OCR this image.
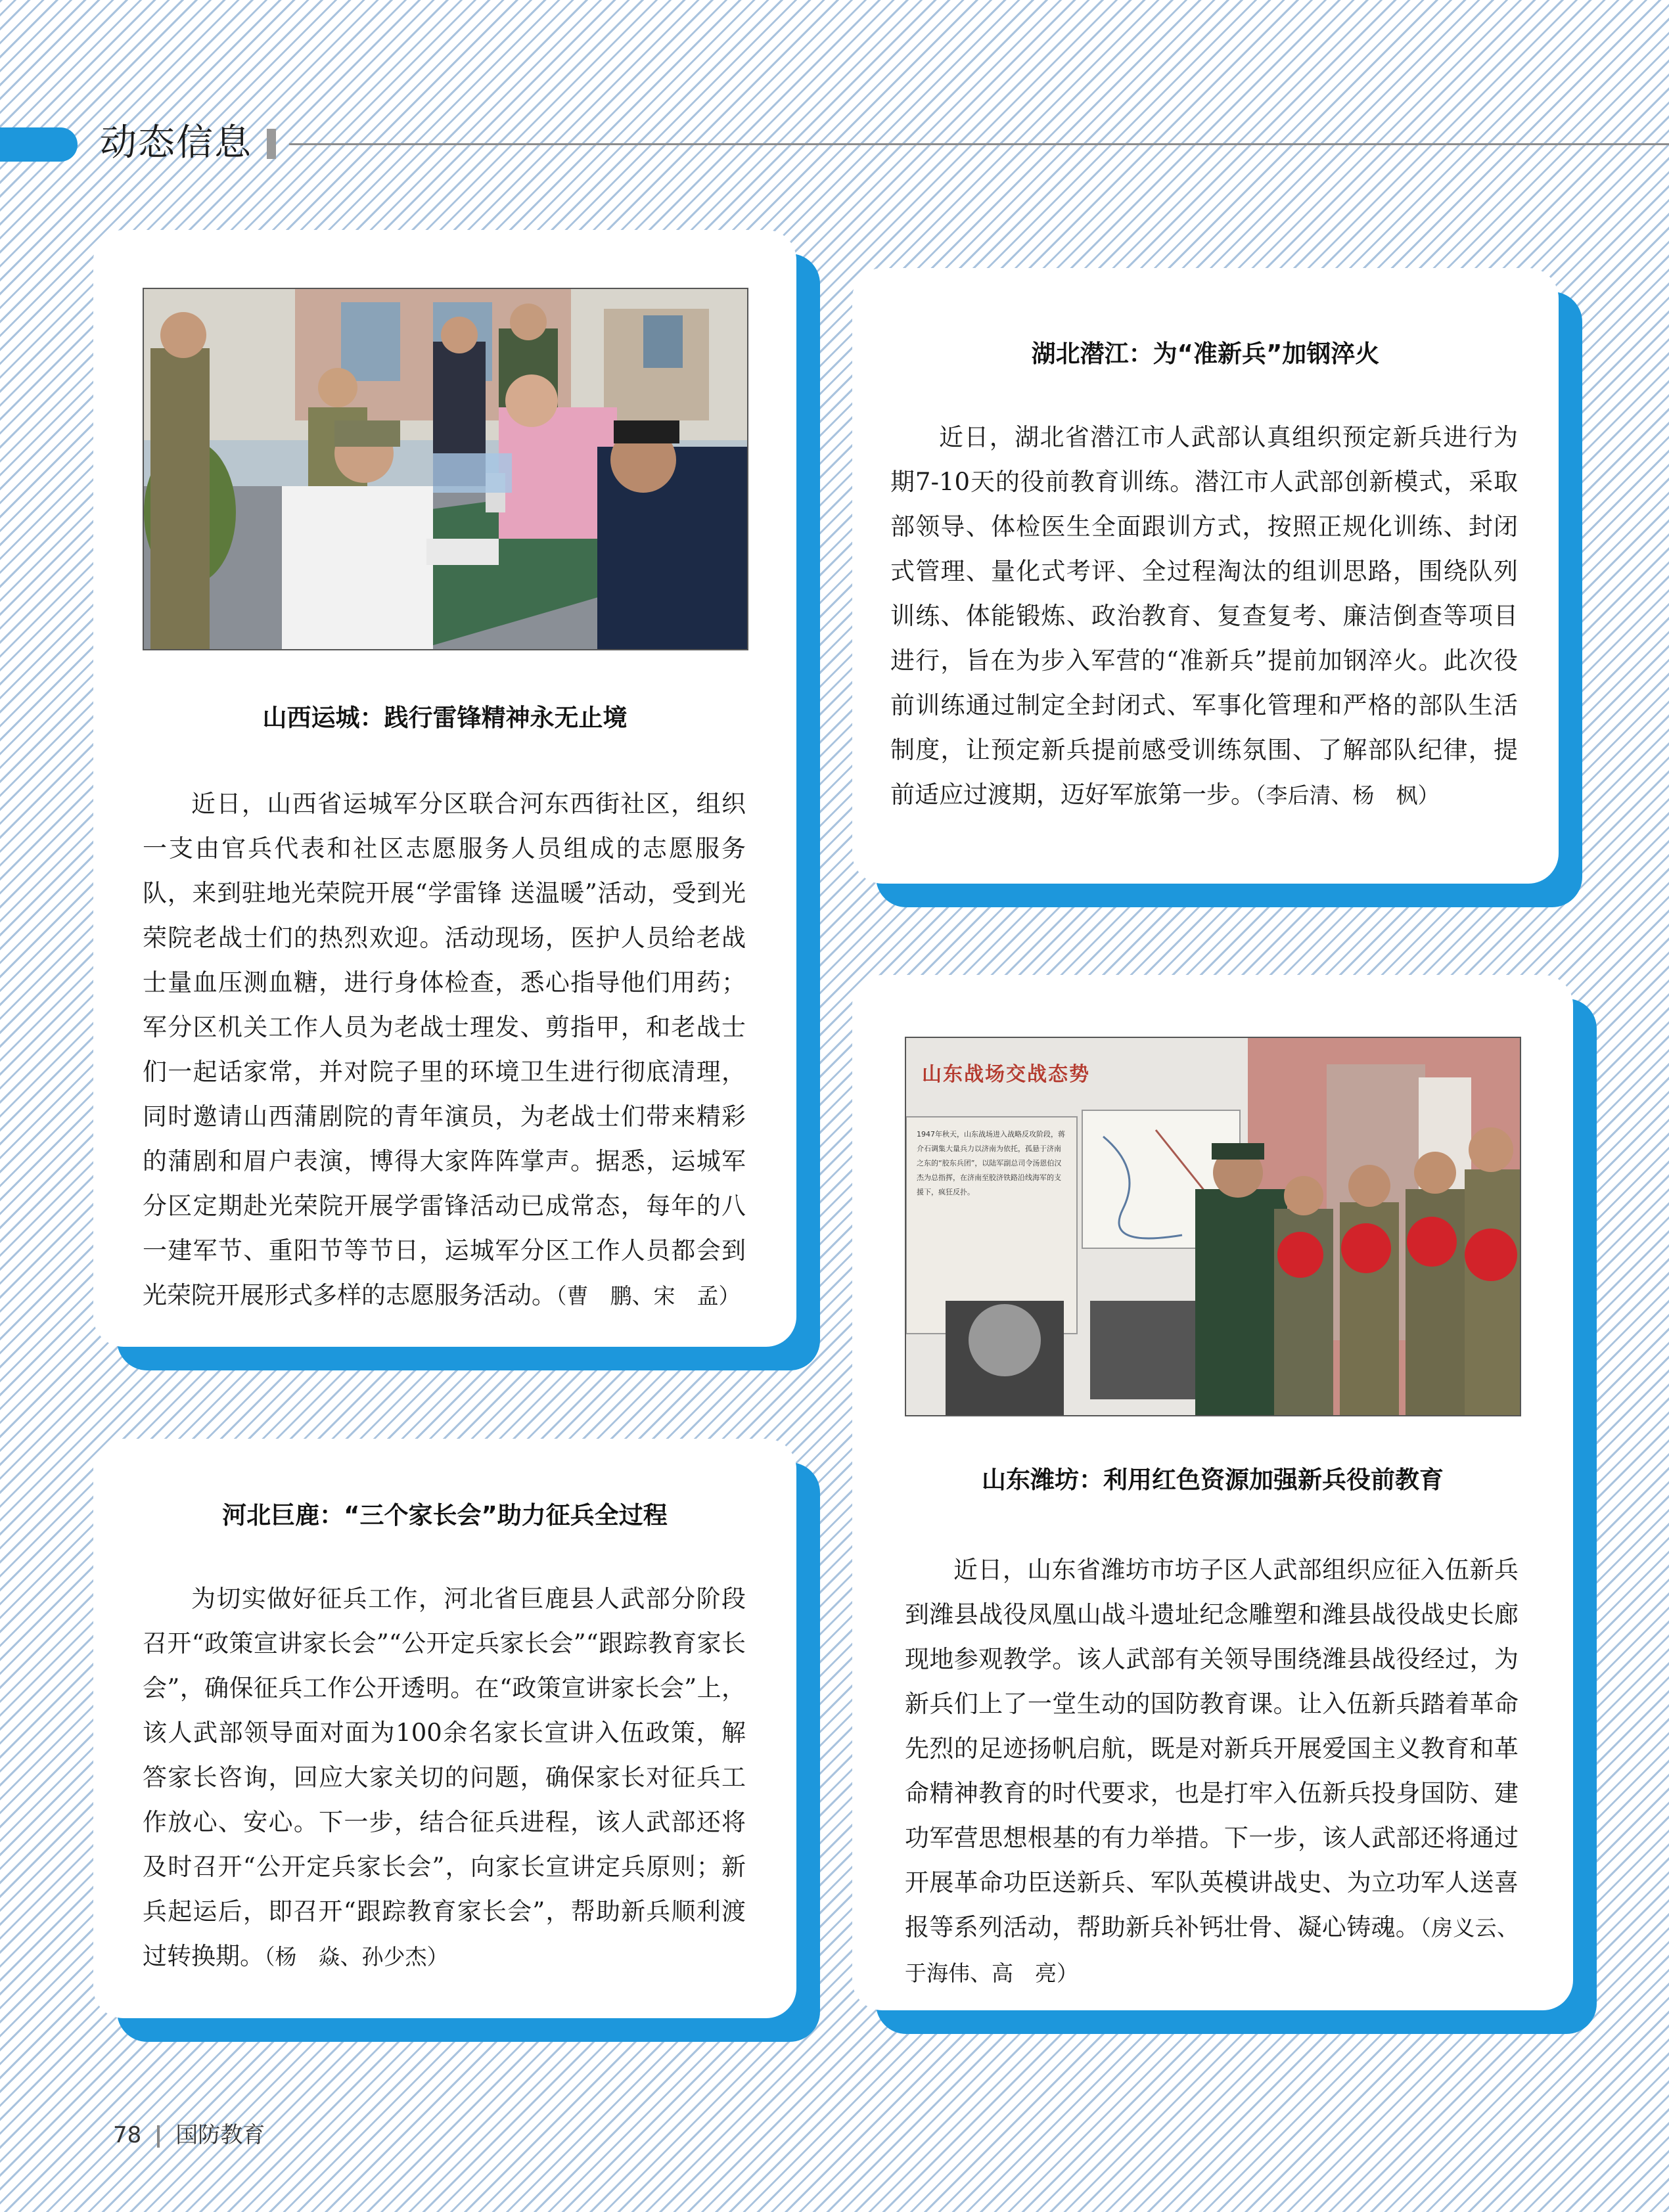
动态信息
山西运城：践行雷锋精神永无止境

近日，山西省运城军分区联合河东西街社区，组织一支由官兵代表和社区志愿服务人员组成的志愿服务队，来到驻地光荣院开展“学雷锋 送温暖”活动，受到光荣院老战士们的热烈欢迎。活动现场，医护人员给老战士量血压测血糖，进行身体检查，悉心指导他们用药；军分区机关工作人员为老战士理发、剪指甲，和老战士们一起话家常，并对院子里的环境卫生进行彻底清理，同时邀请山西蒲剧院的青年演员，为老战士们带来精彩的蒲剧和眉户表演，博得大家阵阵掌声。据悉，运城军分区定期赴光荣院开展学雷锋活动已成常态，每年的八一建军节、重阳节等节日，运城军分区工作人员都会到光荣院开展形式多样的志愿服务活动。（曹　鹏、宋　孟）

湖北潜江：为“准新兵”加钢淬火

近日，湖北省潜江市人武部认真组织预定新兵进行为期7-10天的役前教育训练。潜江市人武部创新模式，采取部领导、体检医生全面跟训方式，按照正规化训练、封闭式管理、量化式考评、全过程淘汰的组训思路，围绕队列训练、体能锻炼、政治教育、复查复考、廉洁倒查等项目进行，旨在为步入军营的“准新兵”提前加钢淬火。此次役前训练通过制定全封闭式、军事化管理和严格的部队生活制度，让预定新兵提前感受训练氛围、了解部队纪律，提前适应过渡期，迈好军旅第一步。（李后清、杨　枫）

河北巨鹿：“三个家长会”助力征兵全过程

为切实做好征兵工作，河北省巨鹿县人武部分阶段召开“政策宣讲家长会”“公开定兵家长会”“跟踪教育家长会”，确保征兵工作公开透明。在“政策宣讲家长会”上，该人武部领导面对面为100余名家长宣讲入伍政策，解答家长咨询，回应大家关切的问题，确保家长对征兵工作放心、安心。下一步，结合征兵进程，该人武部还将及时召开“公开定兵家长会”，向家长宣讲定兵原则；新兵起运后，即召开“跟踪教育家长会”，帮助新兵顺利渡过转换期。（杨　焱、孙少杰）

山东战场交战态势
1947年秋天，山东战场进入战略反攻阶段，蒋介石调集大量兵力以济南为依托，孤悬于济南之东的“胶东兵团”，以陆军副总司令汤恩伯汉杰为总指挥，在济南至胶济铁路沿线海军的支援下，疯狂反扑。
山东潍坊：利用红色资源加强新兵役前教育

近日，山东省潍坊市坊子区人武部组织应征入伍新兵到潍县战役凤凰山战斗遗址纪念雕塑和潍县战役战史长廊现地参观教学。该人武部有关领导围绕潍县战役经过，为新兵们上了一堂生动的国防教育课。让入伍新兵踏着革命先烈的足迹扬帆启航，既是对新兵开展爱国主义教育和革命精神教育的时代要求，也是打牢入伍新兵投身国防、建功军营思想根基的有力举措。下一步，该人武部还将通过开展革命功臣送新兵、军队英模讲战史、为立功军人送喜报等系列活动，帮助新兵补钙壮骨、凝心铸魂。（房义云、于海伟、高　亮）

78 国防教育
